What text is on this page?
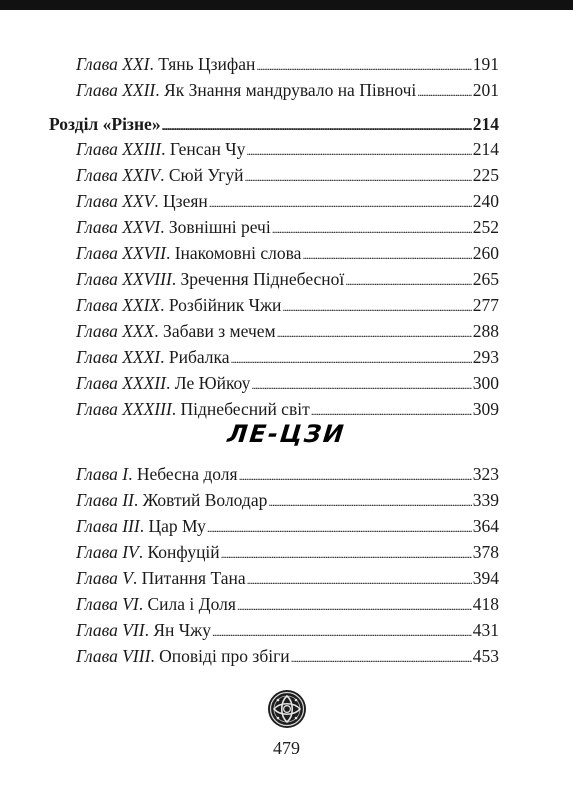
Глава XXI . Тянь Цзифан .....	191
Глава XXII . Як Знання мандрувало на Півночі .....	201
Розділ «Різне» .....	214
Глава XXIII . Генсан Чу .....	214
Глава XXIV . Сюй Угуй .....	225
Глава XXV . Цзеян .....	240
Глава XXVI . Зовнішні речі .....	252
Глава XXVII . Інакомовні слова .....	260
Глава XXVIII . Зречення Піднебесної .....	265
Глава XXIX . Розбійник Чжи .....	277
Глава XXX . Забави з мечем .....	288
Глава XXXI . Рибалка .....	293
Глава XXXII . Ле Юйкоу .....	300
Глава XXXIII . Піднебесний світ .....	309
ЛЕ-ЦЗИ
Глава I . Небесна доля .....	323
Глава II . Жовтий Володар .....	339
Глава III . Цар Му .....	364
Глава IV . Конфуцій .....	378
Глава V . Питання Тана .....	394
Глава VI . Сила і Доля .....	418
Глава VII . Ян Чжу .....	431
Глава VIII . Оповіді про збіги .....	453
479
